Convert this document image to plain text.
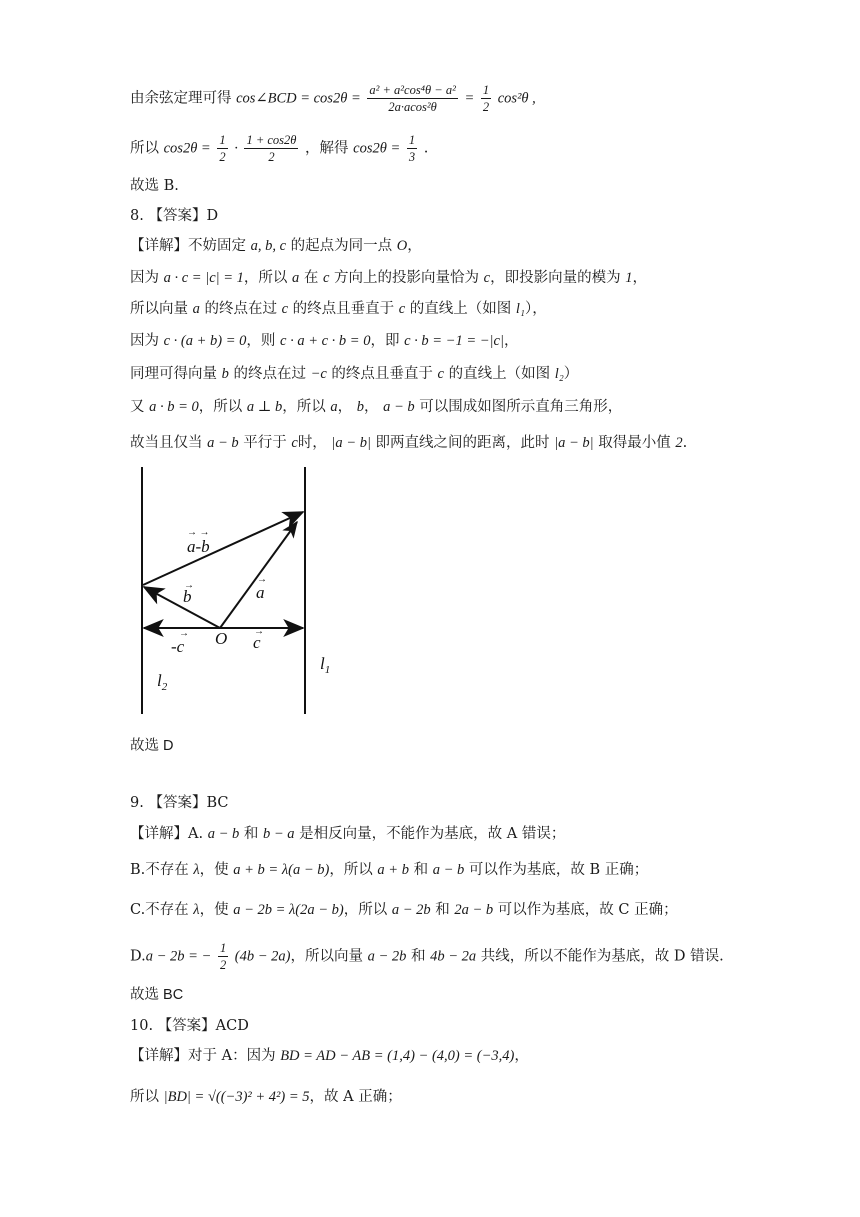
由余弦定理可得 cos∠BCD = $\cos 2\theta = \frac{\text{a² + a²cos⁴θ − a²}}{\text{2a·acos²θ}} = \frac{1}{2} \cos^2\theta$ ,
所以 $\cos 2\theta = \frac{1}{2} \cdot \frac{1 + \cos 2\theta}{2}$ ，解得 $\cos 2\theta = \frac{1}{3}$ .
故选 B.
8. 【答案】D
【详解】不妨固定 a, b, c 的起点为同一点 O，
因为 a · c = |c| = 1，所以 a 在 c 方向上的投影向量恰为 c，即投影向量的模为 1，
所以向量 a 的终点在过 c 的终点且垂直于 c 的直线上（如图 l₁），
因为 c · (a + b) = 0，则 c · a + c · b = 0，即 c · b = −1 = −|c|，
同理可得向量 b 的终点在过 −c 的终点且垂直于 c 的直线上（如图 l₂）
又 a · b = 0，所以 a ⊥ b，所以 a， b， a − b 可以围成如图所示直角三角形，
故当且仅当 a − b 平行于 c时， |a − b| 即两直线之间的距离，此时 |a − b| 取得最小值 2.
a-b
→ →
b
→	a
→
-c
→ O c
→
$l_2$
$l_1$
故选 D
9. 【答案】BC
【详解】A. a − b 和 b − a 是相反向量，不能作为基底，故 A 错误；
B.不存在 λ，使 a + b = λ(a − b)，所以 a + b 和 a − b 可以作为基底，故 B 正确；
C.不存在 λ，使 a − 2b = λ(2a − b)，所以 a − 2b 和 2a − b 可以作为基底，故 C 正确；
D.a − 2b = − $\frac{1}{2} (4b - 2a)$，所以向量 a − 2b 和 4b − 2a 共线，所以不能作为基底，故 D 错误.
故选 BC
10. 【答案】ACD
【详解】对于 A：因为 BD = AD − AB = (1,4) − (4,0) = (−3,4)，
所以 |BD| = √((−3)² + 4²) = 5，故 A 正确；
